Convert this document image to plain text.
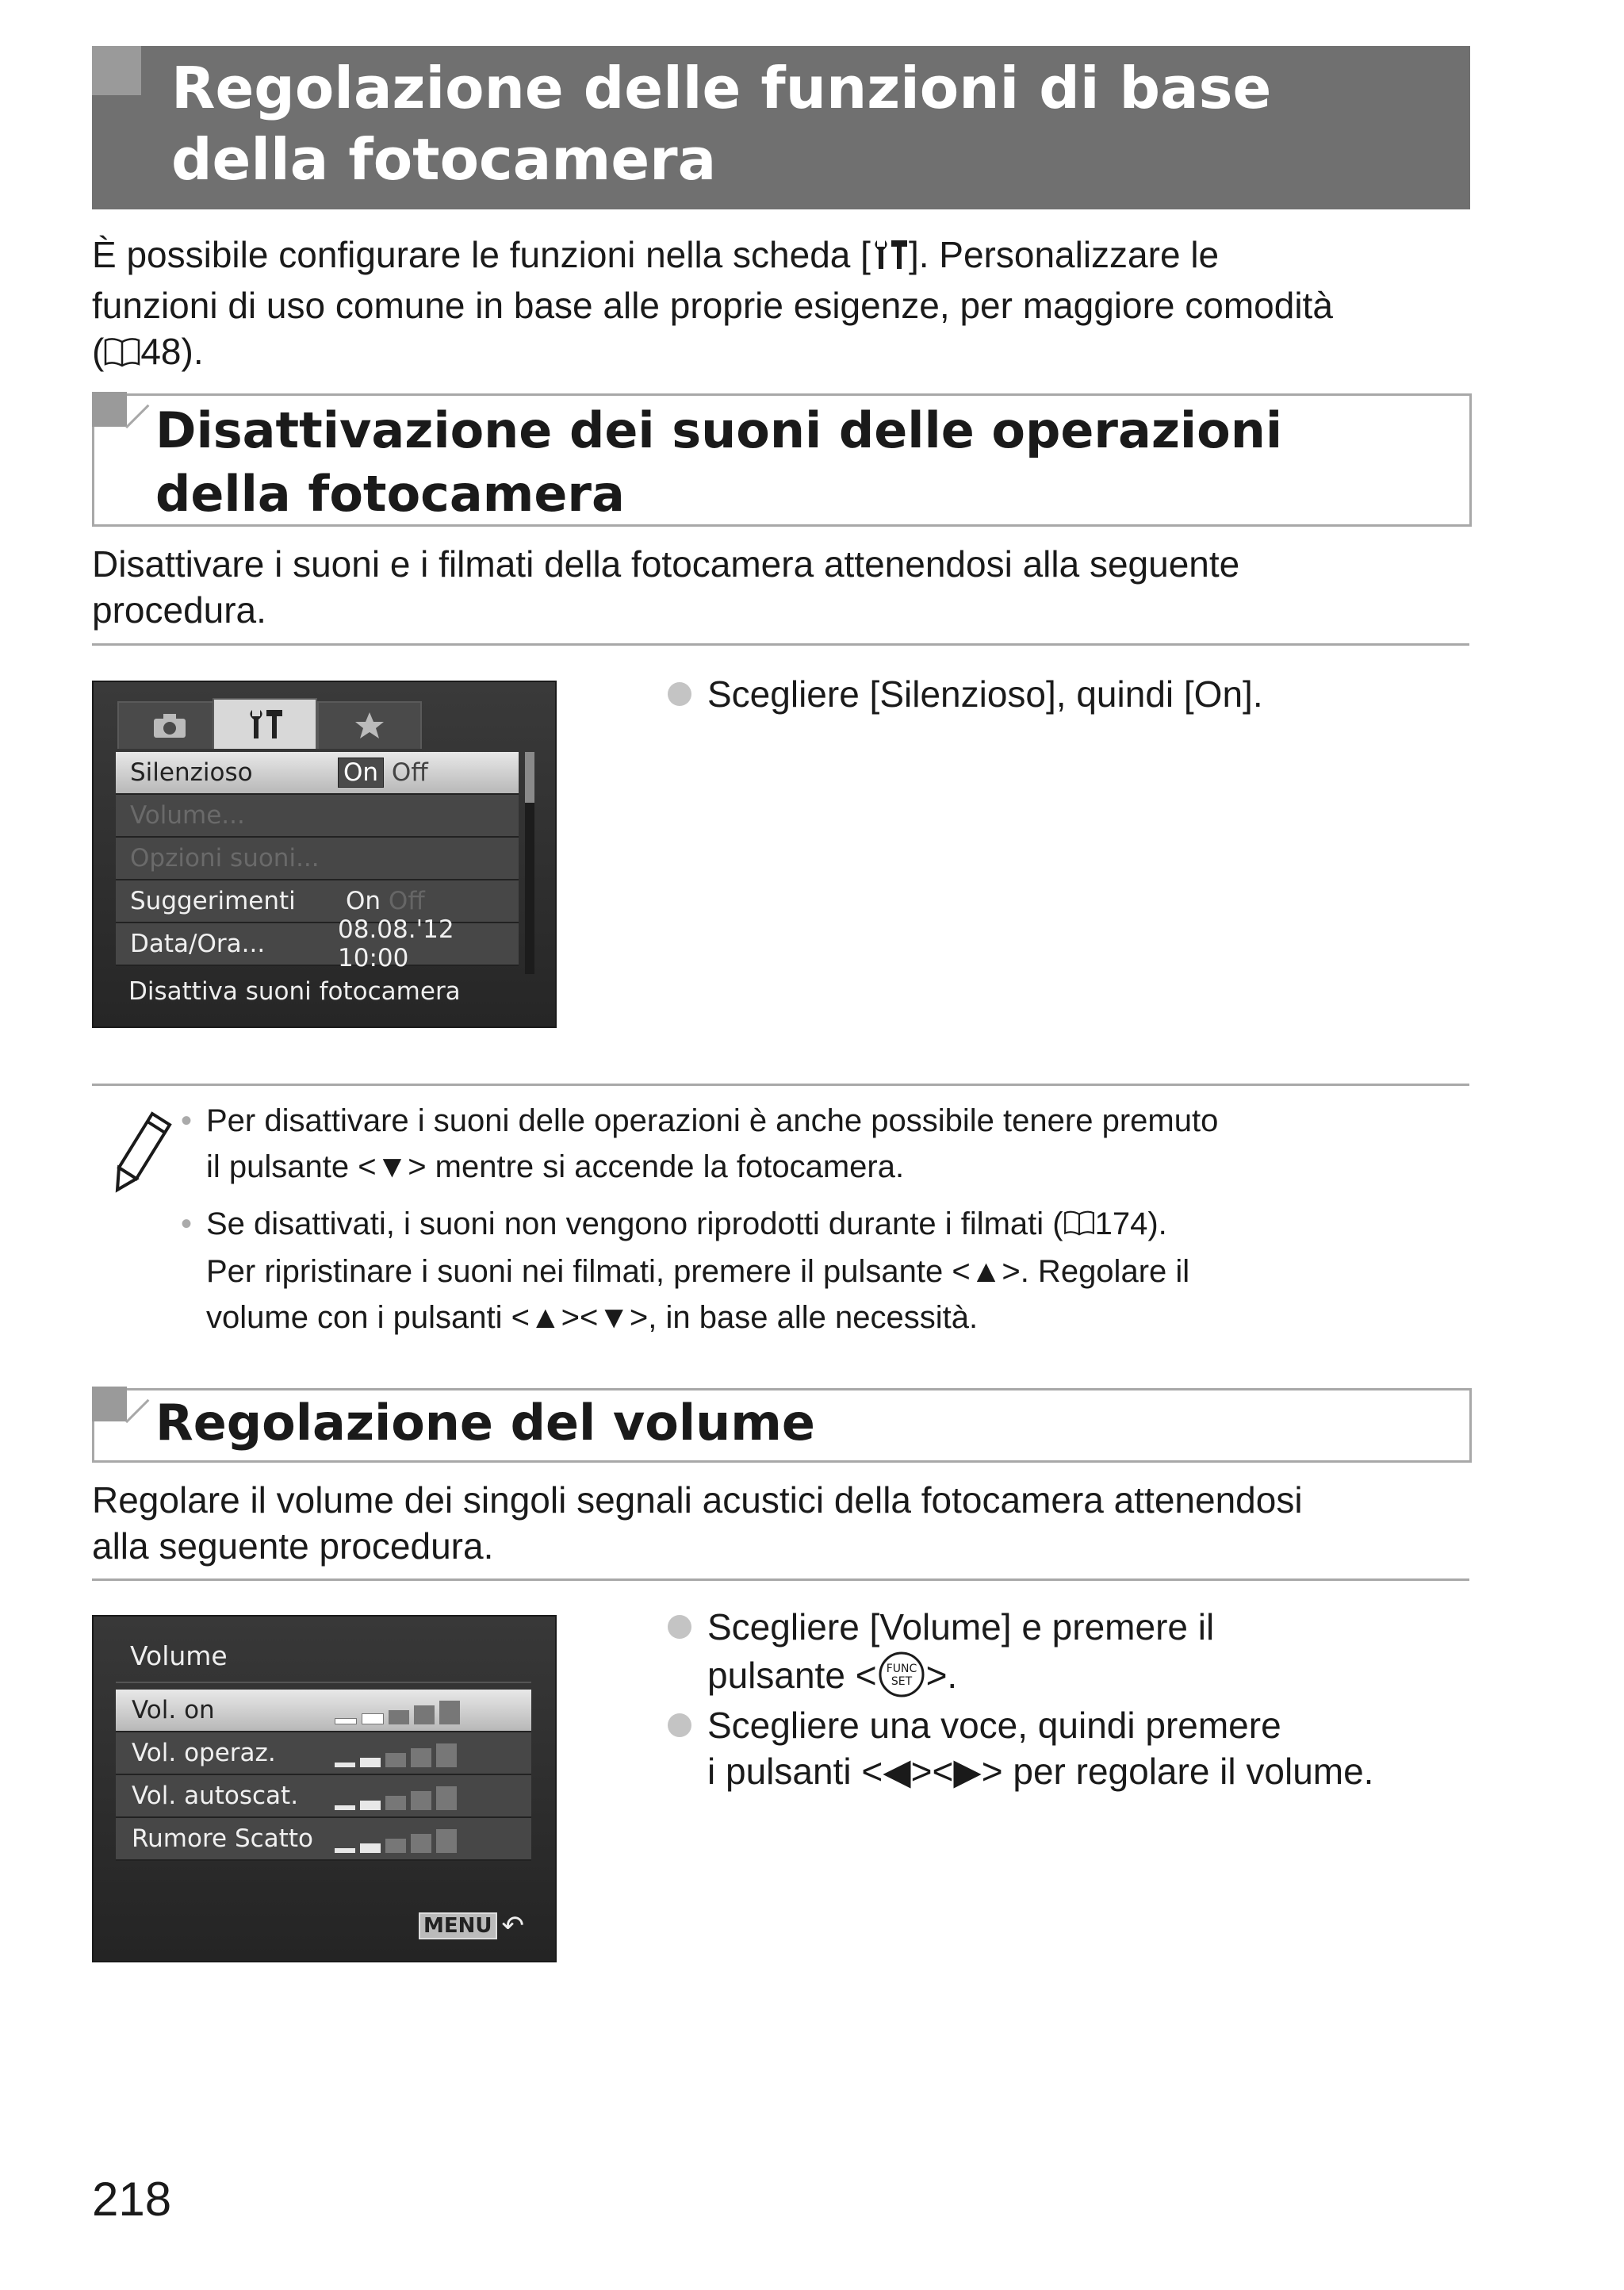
Regolazione delle funzioni di base
della fotocamera
È possibile configurare le funzioni nella scheda [ ]. Personalizzare le
funzioni di uso comune in base alle proprie esigenze, per maggiore comodità
( 48).
Disattivazione dei suoni delle operazioni
della fotocamera
Disattivare i suoni e i filmati della fotocamera attenendosi alla seguente
procedura.
Silenzioso	On Off
Volume...
Opzioni suoni...
Suggerimenti On Off
Data/Ora...	08.08.'12 10:00
Disattiva suoni fotocamera
Scegliere [Silenzioso], quindi [On].
• Per disattivare i suoni delle operazioni è anche possibile tenere premuto
il pulsante <▼> mentre si accende la fotocamera.
• Se disattivati, i suoni non vengono riprodotti durante i filmati ( 174).
Per ripristinare i suoni nei filmati, premere il pulsante <▲>. Regolare il
volume con i pulsanti <▲><▼>, in base alle necessità.
Regolazione del volume
Regolare il volume dei singoli segnali acustici della fotocamera attenendosi
alla seguente procedura.
Volume
Vol. on
Vol. operaz.
Vol. autoscat.
Rumore Scatto
MENU ↶
Scegliere [Volume] e premere il
pulsante < FUNC
SET >.
Scegliere una voce, quindi premere
i pulsanti <◀><▶> per regolare il volume.
218
